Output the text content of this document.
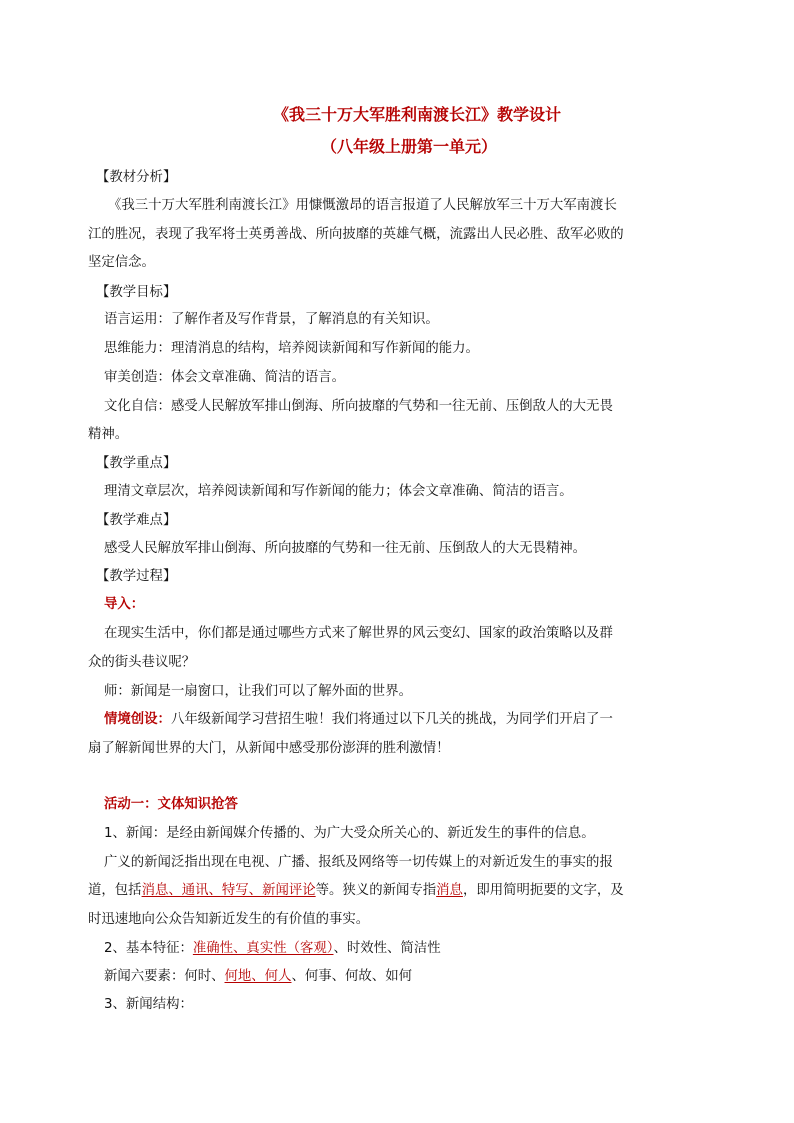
《我三十万大军胜利南渡长江》教学设计
（八年级上册第一单元）
【教材分析】
《我三十万大军胜利南渡长江》用慷慨激昂的语言报道了人民解放军三十万大军南渡长
江的胜况，表现了我军将士英勇善战、所向披靡的英雄气概，流露出人民必胜、敌军必败的
坚定信念。
【教学目标】
语言运用：了解作者及写作背景，了解消息的有关知识。
思维能力：理清消息的结构，培养阅读新闻和写作新闻的能力。
审美创造：体会文章准确、简洁的语言。
文化自信：感受人民解放军排山倒海、所向披靡的气势和一往无前、压倒敌人的大无畏
精神。
【教学重点】
理清文章层次，培养阅读新闻和写作新闻的能力；体会文章准确、简洁的语言。
【教学难点】
感受人民解放军排山倒海、所向披靡的气势和一往无前、压倒敌人的大无畏精神。
【教学过程】
导入：
在现实生活中，你们都是通过哪些方式来了解世界的风云变幻、国家的政治策略以及群
众的街头巷议呢？
师：新闻是一扇窗口，让我们可以了解外面的世界。
情境创设：八年级新闻学习营招生啦！我们将通过以下几关的挑战，为同学们开启了一
扇了解新闻世界的大门，从新闻中感受那份澎湃的胜利激情！
活动一：文体知识抢答
1、新闻：是经由新闻媒介传播的、为广大受众所关心的、新近发生的事件的信息。
广义的新闻泛指出现在电视、广播、报纸及网络等一切传媒上的对新近发生的事实的报
道，包括消息、通讯、特写、新闻评论等。狭义的新闻专指消息，即用简明扼要的文字，及
时迅速地向公众告知新近发生的有价值的事实。
2、基本特征：准确性、真实性（客观）、时效性、简洁性
新闻六要素：何时、何地、何人、何事、何故、如何
3、新闻结构：
